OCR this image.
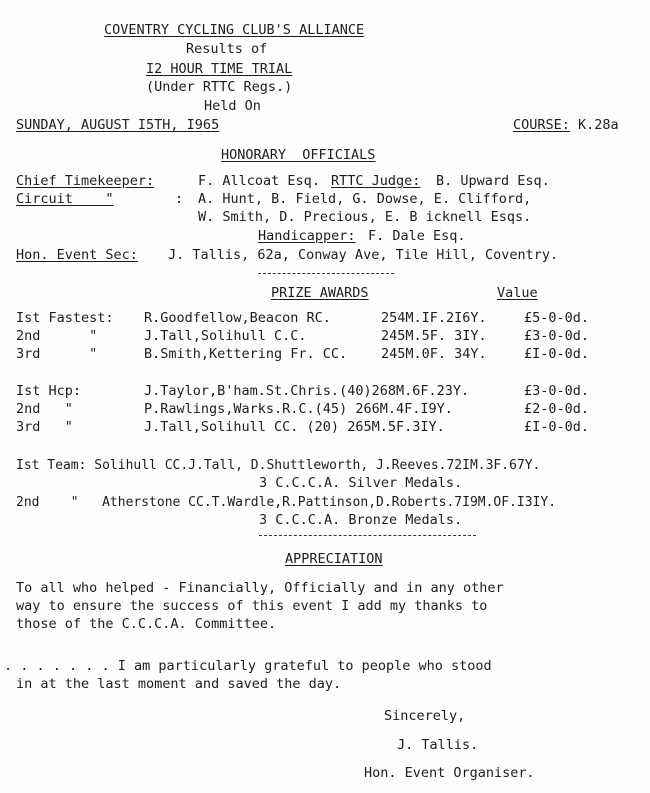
COVENTRY CYCLING CLUB'S ALLIANCE
Results of
I2 HOUR TIME TRIAL
(Under RTTC Regs.)
Held On
SUNDAY, AUGUST I5TH, I965	COURSE: K.28a
HONORARY  OFFICIALS
Chief Timekeeper:	F. Allcoat Esq. RTTC Judge: B. Upward Esq.
Circuit    "	: A. Hunt, B. Field, G. Dowse, E. Clifford,
W. Smith, D. Precious, E. B icknell Esqs.
Handicapper: F. Dale Esq.
Hon. Event Sec: J. Tallis, 62a, Conway Ave, Tile Hill, Coventry.
PRIZE AWARDS	Value
Ist Fastest: R.Goodfellow,Beacon RC.	254M.IF.2I6Y.	£5-0-0d.
2nd      "	J.Tall,Solihull C.C.	245M.5F. 3IY.	£3-0-0d.
3rd      "	B.Smith,Kettering Fr. CC.	245M.0F. 34Y.	£I-0-0d.
Ist Hcp:	J.Taylor,B'ham.St.Chris.(40)268M.6F.23Y.	£3-0-0d.
2nd   "	P.Rawlings,Warks.R.C.(45) 266M.4F.I9Y.	£2-0-0d.
3rd   "	J.Tall,Solihull CC. (20) 265M.5F.3IY.	£I-0-0d.
Ist Team: Solihull CC.J.Tall, D.Shuttleworth, J.Reeves.72IM.3F.67Y.
3 C.C.C.A. Silver Medals.
2nd    "   Atherstone CC.T.Wardle,R.Pattinson,D.Roberts.7I9M.OF.I3IY.
3 C.C.C.A. Bronze Medals.
APPRECIATION
To all who helped - Financially, Officially and in any other
way to ensure the success of this event I add my thanks to
those of the C.C.C.A. Committee.
. . . . . . . I am particularly grateful to people who stood
in at the last moment and saved the day.
Sincerely,
J. Tallis.
Hon. Event Organiser.
